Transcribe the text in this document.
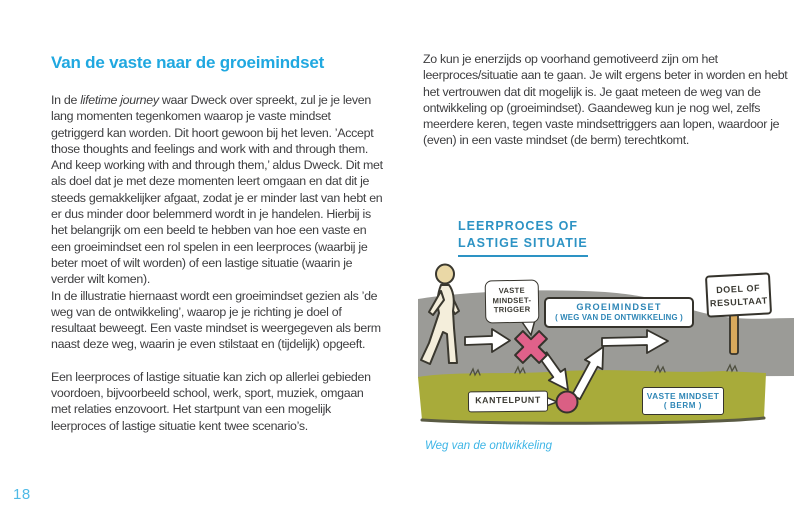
Van de vaste naar de groeimindset

In de lifetime journey waar Dweck over spreekt, zul je je leven lang momenten tegenkomen waarop je vaste mindset getriggerd kan worden. Dit hoort gewoon bij het leven. ’Accept those thoughts and feelings and work with and through them. And keep working with and through them,’ aldus Dweck. Dit met als doel dat je met deze momenten leert omgaan en dat dit je steeds gemakkelijker afgaat, zodat je er minder last van hebt en er dus minder door belemmerd wordt in je handelen. Hierbij is het belangrijk om een beeld te hebben van hoe een vaste en een groeimindset een rol spelen in een leerproces (waarbij je beter moet of wilt worden) of een lastige situatie (waarin je verder wilt komen).

In de illustratie hiernaast wordt een groeimindset gezien als ’de weg van de ontwikkeling’, waarop je je richting je doel of resultaat beweegt. Een vaste mindset is weergegeven als berm naast deze weg, waarin je even stilstaat en (tijdelijk) opgeeft.

Een leerproces of lastige situatie kan zich op allerlei gebieden voordoen, bijvoorbeeld school, werk, sport, muziek, omgaan met relaties enzovoort. Het startpunt van een mogelijk leerproces of lastige situatie kent twee scenario’s.

Zo kun je enerzijds op voorhand gemotiveerd zijn om het leerproces/situatie aan te gaan. Je wilt ergens beter in worden en hebt het vertrouwen dat dit mogelijk is. Je gaat meteen de weg van de ontwikkeling op (groeimindset). Gaandeweg kun je nog wel, zelfs meerdere keren, tegen vaste mindsettriggers aan lopen, waardoor je (even) in een vaste mindset (de berm) terechtkomt.

LEERPROCES OF
LASTIGE SITUATIE
VASTE
MINDSET-
TRIGGER	GROEIMINDSET
( WEG VAN DE ONTWIKKELING )
DOEL OF
RESULTAAT
KANTELPUNT	VASTE MINDSET
( BERM )
Weg van de ontwikkeling
18
